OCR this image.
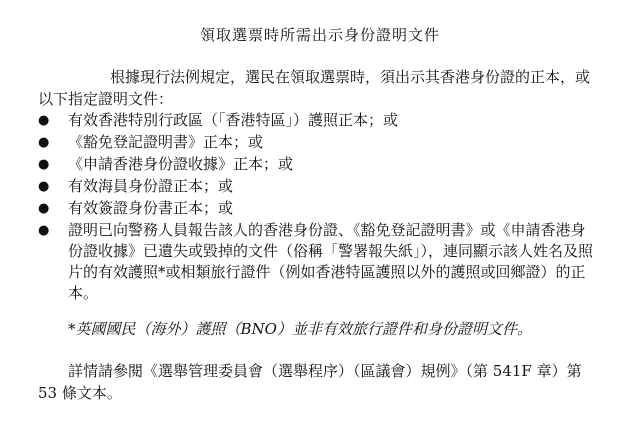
領取選票時所需出示身份證明文件
根據現行法例規定，選民在領取選票時，須出示其香港身份證的正本，或以下指定證明文件：
● 有效香港特別行政區（「香港特區」）護照正本；或
● 《豁免登記證明書》正本；或
● 《申請香港身份證收據》正本；或
● 有效海員身份證正本；或
● 有效簽證身份書正本；或
● 證明已向警務人員報告該人的香港身份證、《豁免登記證明書》或《申請香港身份證收據》已遺失或毀掉的文件（俗稱「警署報失紙」），連同顯示該人姓名及照片的有效護照*或相類旅行證件（例如香港特區護照以外的護照或回鄉證）的正本。
*英國國民（海外）護照（BNO）並非有效旅行證件和身份證明文件。
詳情請參閱《選舉管理委員會（選舉程序）（區議會）規例》（第 541F 章）第 53 條文本。
